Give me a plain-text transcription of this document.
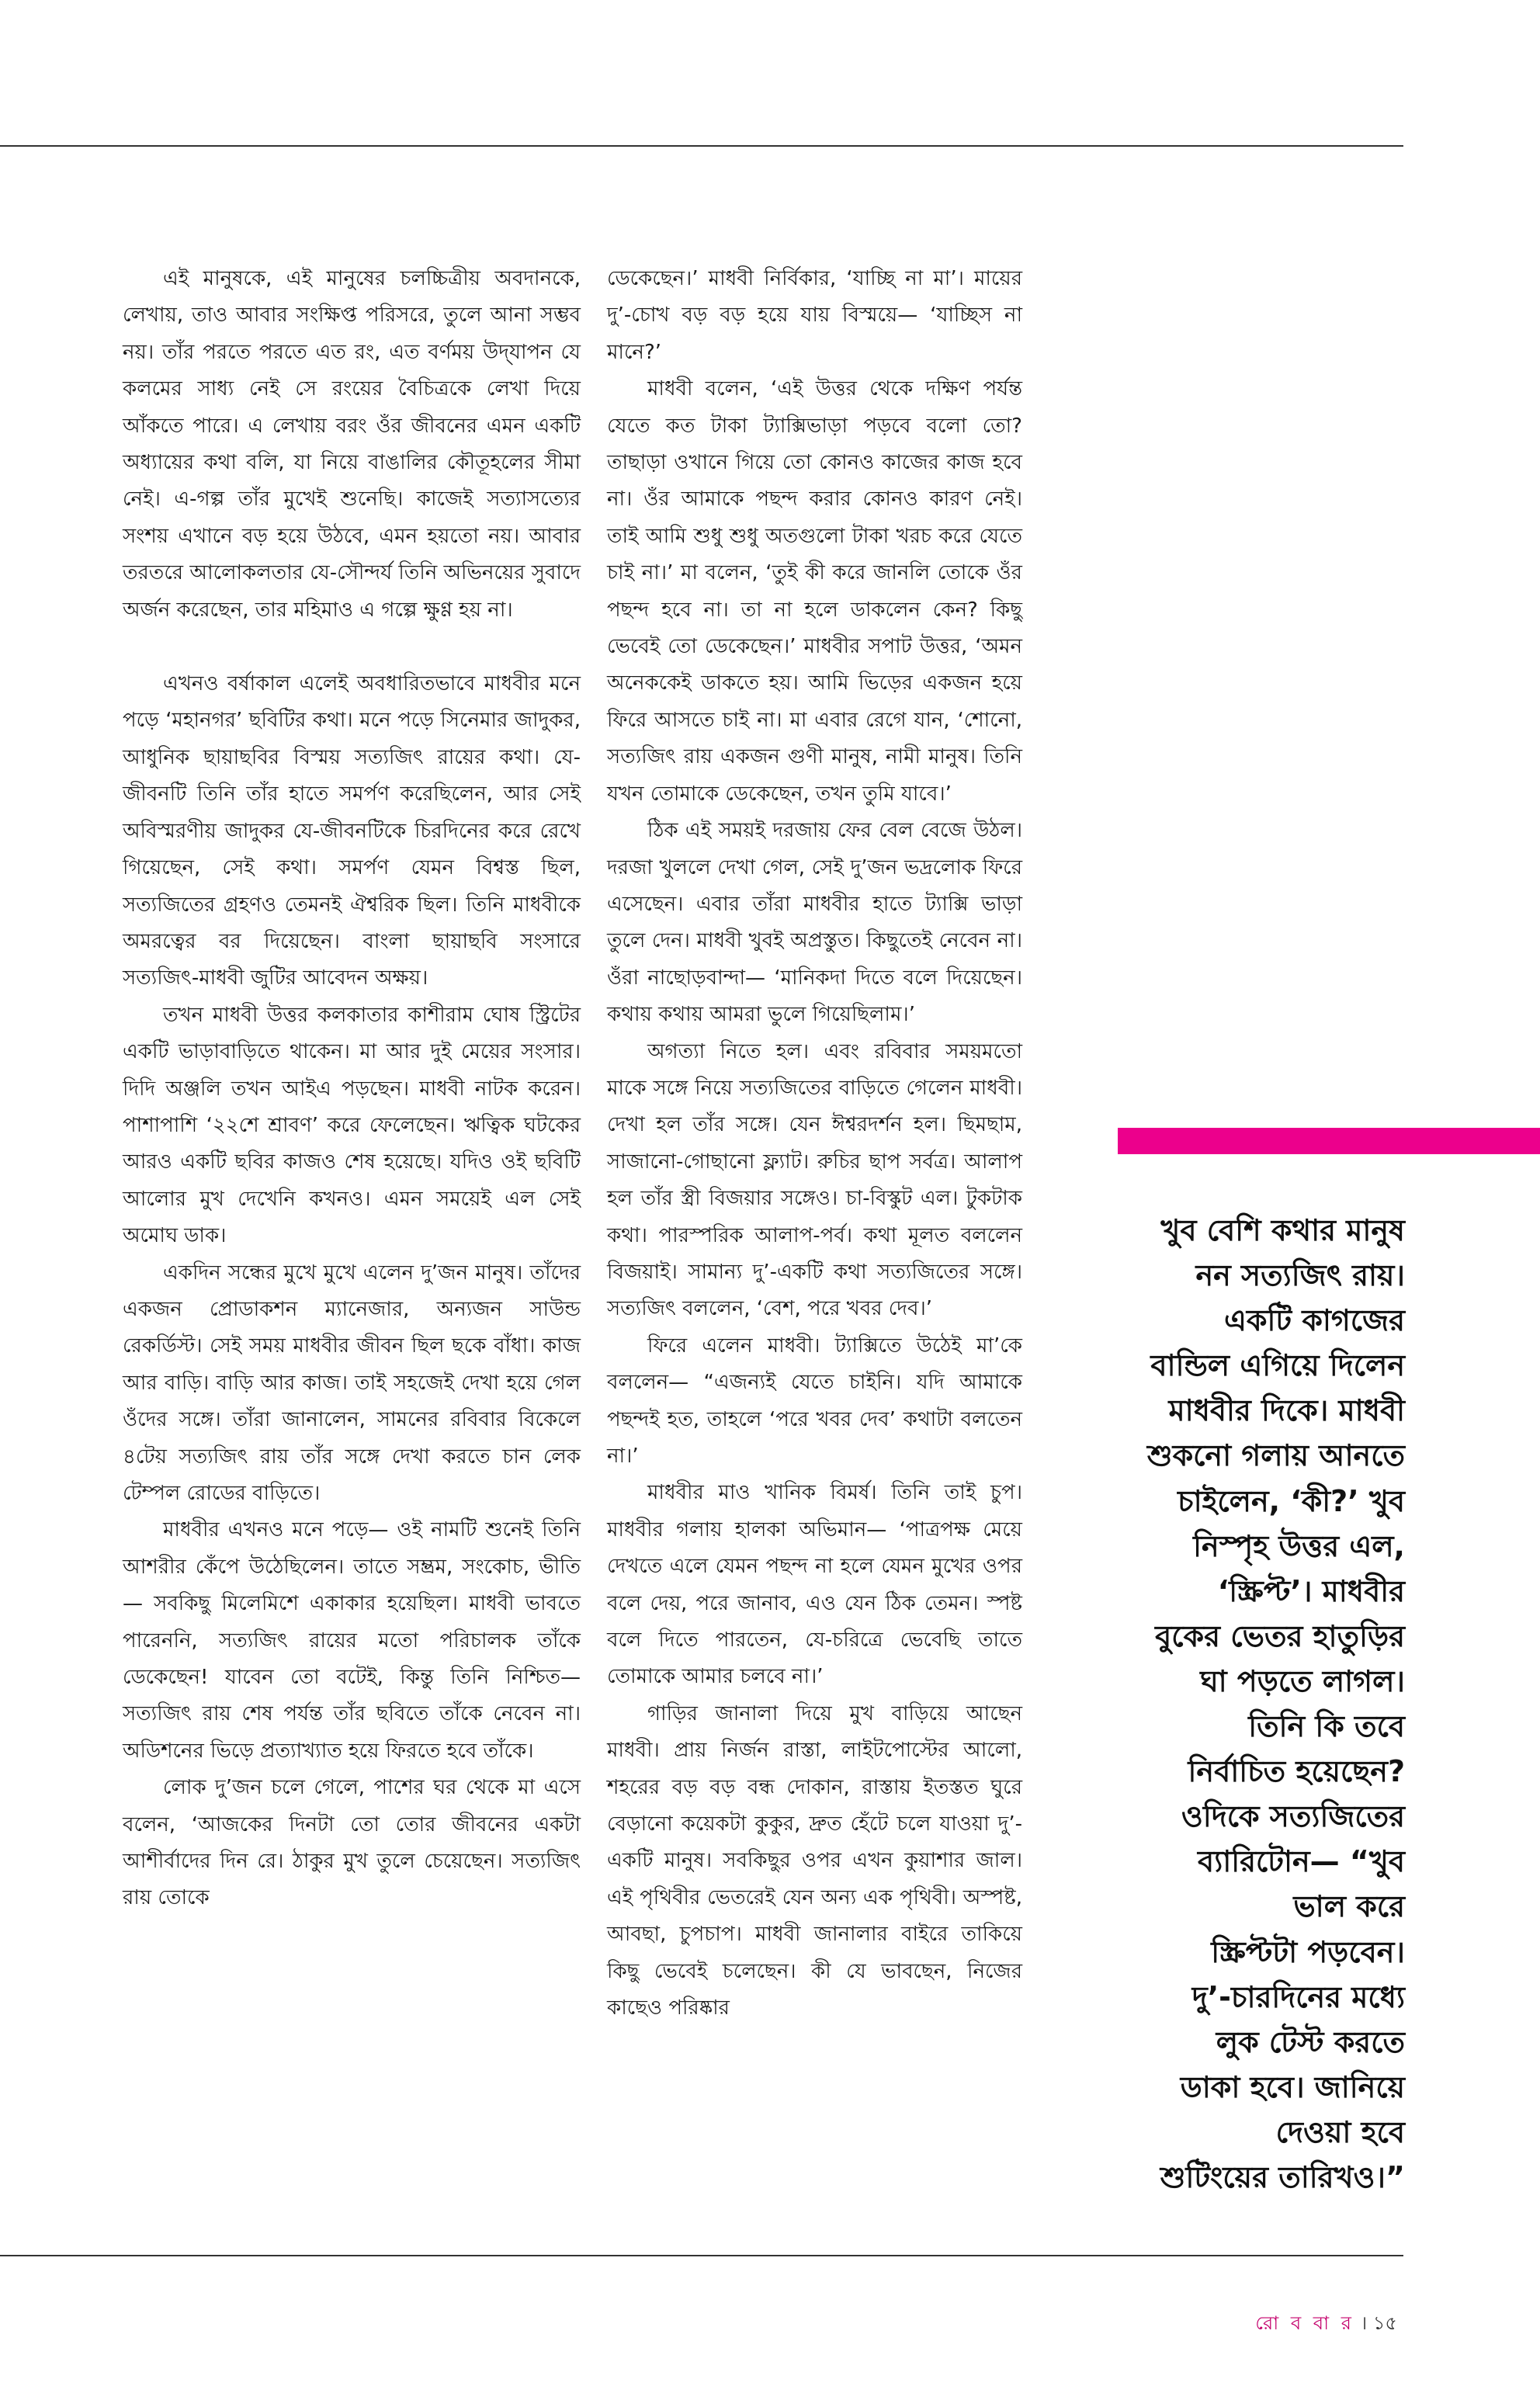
এই মানুষকে, এই মানুষের চলচ্চিত্রীয় অবদানকে, লেখায়, তাও আবার সংক্ষিপ্ত পরিসরে, তুলে আনা সম্ভব নয়। তাঁর পরতে পরতে এত রং, এত বর্ণময় উদ্‌যাপন যে কলমের সাধ্য নেই সে রংয়ের বৈচিত্রকে লেখা দিয়ে আঁকতে পারে। এ লেখায় বরং ওঁর জীবনের এমন একটি অধ্যায়ের কথা বলি, যা নিয়ে বাঙালির কৌতূহলের সীমা নেই। এ-গল্প তাঁর মুখেই শুনেছি। কাজেই সত্যাসত্যের সংশয় এখানে বড় হয়ে উঠবে, এমন হয়তো নয়। আবার তরতরে আলোকলতার যে-সৌন্দর্য তিনি অভিনয়ের সুবাদে অর্জন করেছেন, তার মহিমাও এ গল্পে ক্ষুণ্ণ হয় না।

এখনও বর্ষাকাল এলেই অবধারিতভাবে মাধবীর মনে পড়ে ‘মহানগর’ ছবিটির কথা। মনে পড়ে সিনেমার জাদুকর, আধুনিক ছায়াছবির বিস্ময় সত্যজিৎ রায়ের কথা। যে-জীবনটি তিনি তাঁর হাতে সমর্পণ করেছিলেন, আর সেই অবিস্মরণীয় জাদুকর যে-জীবনটিকে চিরদিনের করে রেখে গিয়েছেন, সেই কথা। সমর্পণ যেমন বিশ্বস্ত ছিল, সত্যজিতের গ্রহণও তেমনই ঐশ্বরিক ছিল। তিনি মাধবীকে অমরত্বের বর দিয়েছেন। বাংলা ছায়াছবি সংসারে সত্যজিৎ-মাধবী জুটির আবেদন অক্ষয়।

তখন মাধবী উত্তর কলকাতার কাশীরাম ঘোষ স্ট্রিটের একটি ভাড়াবাড়িতে থাকেন। মা আর দুই মেয়ের সংসার। দিদি অঞ্জলি তখন আইএ পড়ছেন। মাধবী নাটক করেন। পাশাপাশি ‘২২শে শ্রাবণ’ করে ফেলেছেন। ঋত্বিক ঘটকের আরও একটি ছবির কাজও শেষ হয়েছে। যদিও ওই ছবিটি আলোর মুখ দেখেনি কখনও। এমন সময়েই এল সেই অমোঘ ডাক।

একদিন সন্ধের মুখে মুখে এলেন দু’জন মানুষ। তাঁদের একজন প্রোডাকশন ম্যানেজার, অন্যজন সাউন্ড রেকর্ডিস্ট। সেই সময় মাধবীর জীবন ছিল ছকে বাঁধা। কাজ আর বাড়ি। বাড়ি আর কাজ। তাই সহজেই দেখা হয়ে গেল ওঁদের সঙ্গে। তাঁরা জানালেন, সামনের রবিবার বিকেলে ৪টেয় সত্যজিৎ রায় তাঁর সঙ্গে দেখা করতে চান লেক টেম্পল রোডের বাড়িতে।

মাধবীর এখনও মনে পড়ে— ওই নামটি শুনেই তিনি আশরীর কেঁপে উঠেছিলেন। তাতে সম্ভ্রম, সংকোচ, ভীতি— সবকিছু মিলেমিশে একাকার হয়েছিল। মাধবী ভাবতে পারেননি, সত্যজিৎ রায়ের মতো পরিচালক তাঁকে ডেকেছেন! যাবেন তো বটেই, কিন্তু তিনি নিশ্চিত— সত্যজিৎ রায় শেষ পর্যন্ত তাঁর ছবিতে তাঁকে নেবেন না। অডিশনের ভিড়ে প্রত্যাখ্যাত হয়ে ফিরতে হবে তাঁকে।

লোক দু’জন চলে গেলে, পাশের ঘর থেকে মা এসে বলেন, ‘আজকের দিনটা তো তোর জীবনের একটা আশীর্বাদের দিন রে। ঠাকুর মুখ তুলে চেয়েছেন। সত্যজিৎ রায় তোকে

ডেকেছেন।’ মাধবী নির্বিকার, ‘যাচ্ছি না মা’। মায়ের দু’-চোখ বড় বড় হয়ে যায় বিস্ময়ে— ‘যাচ্ছিস না মানে?’

মাধবী বলেন, ‘এই উত্তর থেকে দক্ষিণ পর্যন্ত যেতে কত টাকা ট্যাক্সিভাড়া পড়বে বলো তো? তাছাড়া ওখানে গিয়ে তো কোনও কাজের কাজ হবে না। ওঁর আমাকে পছন্দ করার কোনও কারণ নেই। তাই আমি শুধু শুধু অতগুলো টাকা খরচ করে যেতে চাই না।’ মা বলেন, ‘তুই কী করে জানলি তোকে ওঁর পছন্দ হবে না। তা না হলে ডাকলেন কেন? কিছু ভেবেই তো ডেকেছেন।’ মাধবীর সপাট উত্তর, ‘অমন অনেককেই ডাকতে হয়। আমি ভিড়ের একজন হয়ে ফিরে আসতে চাই না। মা এবার রেগে যান, ‘শোনো, সত্যজিৎ রায় একজন গুণী মানুষ, নামী মানুষ। তিনি যখন তোমাকে ডেকেছেন, তখন তুমি যাবে।’

ঠিক এই সময়ই দরজায় ফের বেল বেজে উঠল। দরজা খুললে দেখা গেল, সেই দু’জন ভদ্রলোক ফিরে এসেছেন। এবার তাঁরা মাধবীর হাতে ট্যাক্সি ভাড়া তুলে দেন। মাধবী খুবই অপ্রস্তুত। কিছুতেই নেবেন না। ওঁরা নাছোড়বান্দা— ‘মানিকদা দিতে বলে দিয়েছেন। কথায় কথায় আমরা ভুলে গিয়েছিলাম।’

অগত্যা নিতে হল। এবং রবিবার সময়মতো মাকে সঙ্গে নিয়ে সত্যজিতের বাড়িতে গেলেন মাধবী। দেখা হল তাঁর সঙ্গে। যেন ঈশ্বরদর্শন হল। ছিমছাম, সাজানো-গোছানো ফ্ল্যাট। রুচির ছাপ সর্বত্র। আলাপ হল তাঁর স্ত্রী বিজয়ার সঙ্গেও। চা-বিস্কুট এল। টুকটাক কথা। পারস্পরিক আলাপ-পর্ব। কথা মূলত বললেন বিজয়াই। সামান্য দু’-একটি কথা সত্যজিতের সঙ্গে। সত্যজিৎ বললেন, ‘বেশ, পরে খবর দেব।’

ফিরে এলেন মাধবী। ট্যাক্সিতে উঠেই মা’কে বললেন— “এজন্যই যেতে চাইনি। যদি আমাকে পছন্দই হত, তাহলে ‘পরে খবর দেব’ কথাটা বলতেন না।’

মাধবীর মাও খানিক বিমর্ষ। তিনি তাই চুপ। মাধবীর গলায় হালকা অভিমান— ‘পাত্রপক্ষ মেয়ে দেখতে এলে যেমন পছন্দ না হলে যেমন মুখের ওপর বলে দেয়, পরে জানাব, এও যেন ঠিক তেমন। স্পষ্ট বলে দিতে পারতেন, যে-চরিত্রে ভেবেছি তাতে তোমাকে আমার চলবে না।’

গাড়ির জানালা দিয়ে মুখ বাড়িয়ে আছেন মাধবী। প্রায় নির্জন রাস্তা, লাইটপোস্টের আলো, শহরের বড় বড় বন্ধ দোকান, রাস্তায় ইতস্তত ঘুরে বেড়ানো কয়েকটা কুকুর, দ্রুত হেঁটে চলে যাওয়া দু’-একটি মানুষ। সবকিছুর ওপর এখন কুয়াশার জাল। এই পৃথিবীর ভেতরেই যেন অন্য এক পৃথিবী। অস্পষ্ট, আবছা, চুপচাপ। মাধবী জানালার বাইরে তাকিয়ে কিছু ভেবেই চলেছেন। কী যে ভাবছেন, নিজের কাছেও পরিষ্কার

খুব বেশি কথার মানুষ
নন সত্যজিৎ রায়।
একটি কাগজের
বান্ডিল এগিয়ে দিলেন
মাধবীর দিকে। মাধবী
শুকনো গলায় আনতে
চাইলেন, ‘কী?’ খুব
নিস্পৃহ উত্তর এল,
‘স্ক্রিপ্ট’। মাধবীর
বুকের ভেতর হাতুড়ির
ঘা পড়তে লাগল।
তিনি কি তবে
নির্বাচিত হয়েছেন?
ওদিকে সত্যজিতের
ব্যারিটোন— “খুব
ভাল করে
স্ক্রিপ্টটা পড়বেন।
দু’-চারদিনের মধ্যে
লুক টেস্ট করতে
ডাকা হবে। জানিয়ে
দেওয়া হবে
শুটিংয়ের তারিখও।”
রো ব বা র । ১৫
